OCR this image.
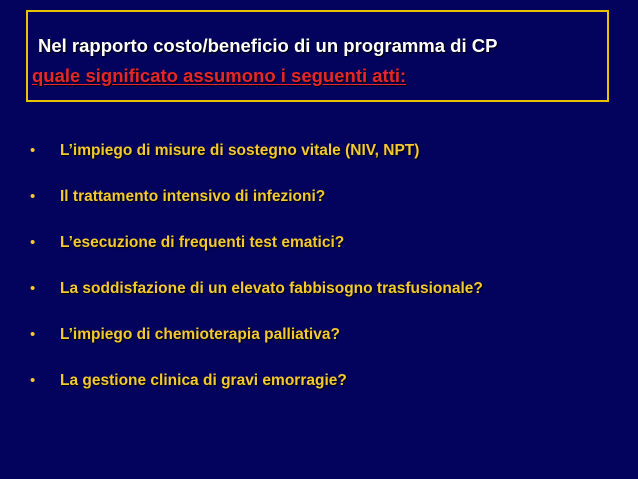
Nel rapporto costo/beneficio di un programma di CP
quale significato assumono i seguenti atti:
• L’impiego di misure di sostegno vitale (NIV, NPT)
• Il trattamento intensivo di infezioni?
• L’esecuzione di frequenti test ematici?
• La soddisfazione di un elevato fabbisogno trasfusionale?
• L’impiego di chemioterapia palliativa?
• La gestione clinica di gravi emorragie?
